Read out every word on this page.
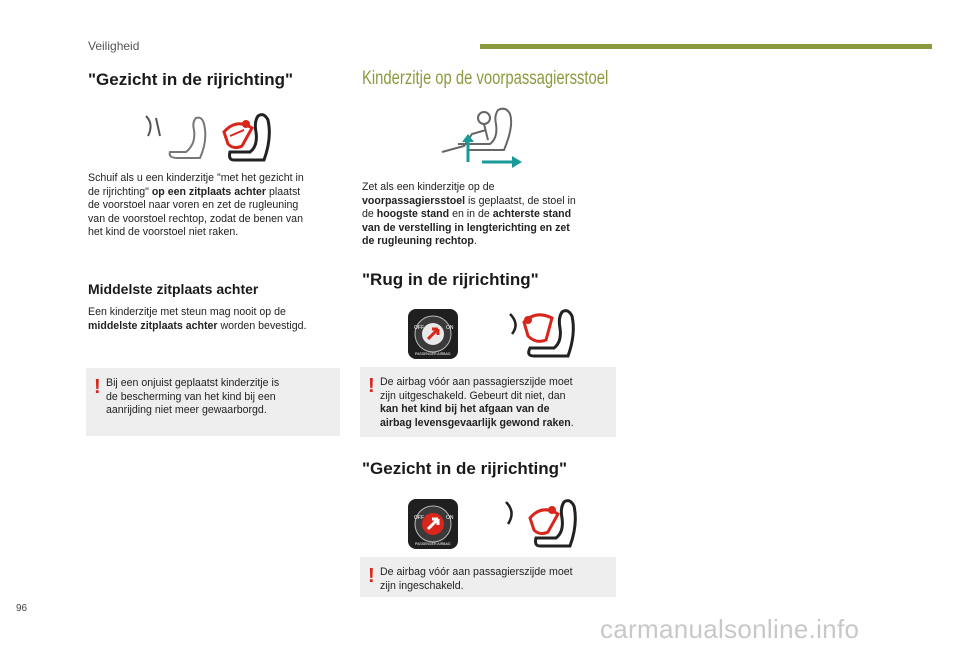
Veiligheid
"Gezicht in de rijrichting"
Schuif als u een kinderzitje "met het gezicht in
de rijrichting" op een zitplaats achter plaatst
de voorstoel naar voren en zet de rugleuning
van de voorstoel rechtop, zodat de benen van
het kind de voorstoel niet raken.
Middelste zitplaats achter
Een kinderzitje met steun mag nooit op de
middelste zitplaats achter worden bevestigd.
! Bij een onjuist geplaatst kinderzitje is
de bescherming van het kind bij een
aanrijding niet meer gewaarborgd.
Kinderzitje op de voorpassagiersstoel
Zet als een kinderzitje op de
voorpassagiersstoel is geplaatst, de stoel in
de hoogste stand en in de achterste stand
van de verstelling in lengterichting en zet
de rugleuning rechtop.
"Rug in de rijrichting"
OFF	ON
PASSENGER AIRBAG
! De airbag vóór aan passagierszijde moet
zijn uitgeschakeld. Gebeurt dit niet, dan
kan het kind bij het afgaan van de
airbag levensgevaarlijk gewond raken.
"Gezicht in de rijrichting"
OFF	ON
PASSENGER AIRBAG
! De airbag vóór aan passagierszijde moet
zijn ingeschakeld.
96
carmanualsonline.info
